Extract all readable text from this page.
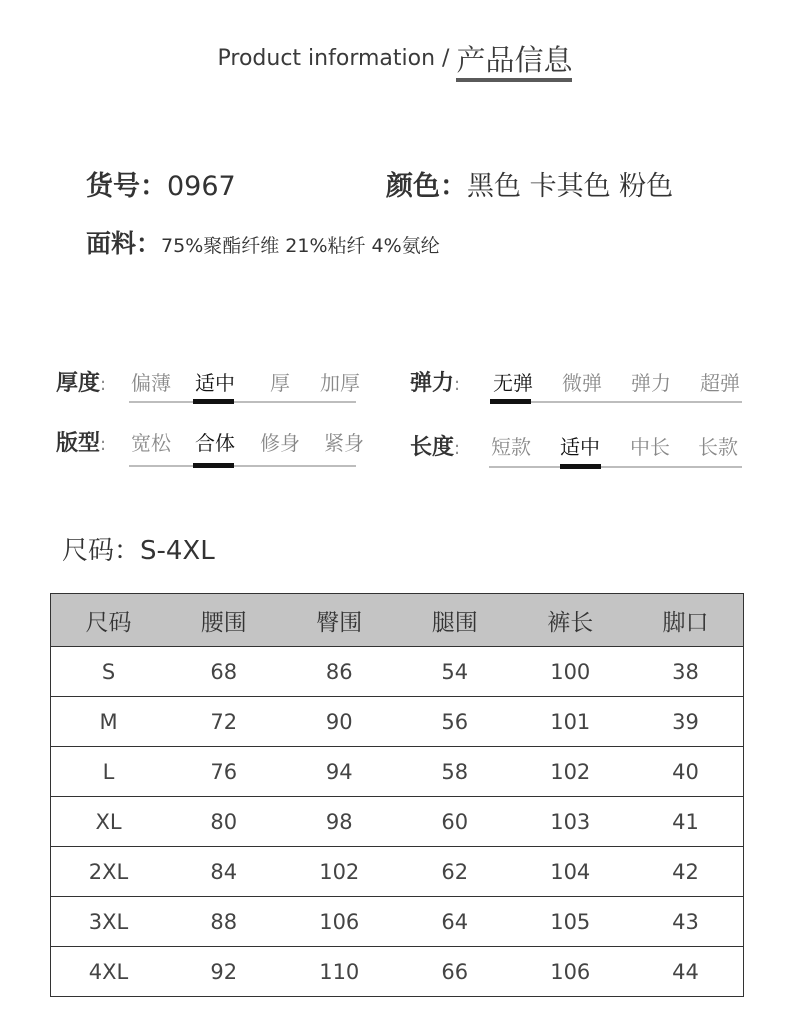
Product information / 产品信息
货号：0967	颜色：黑色 卡其色 粉色
面料：75%聚酯纤维 21%粘纤 4%氨纶
厚度: 偏薄 适中 厚 加厚 弹力: 无弹 微弹 弹力 超弹
版型: 宽松 合体 修身 紧身 长度: 短款 适中 中长 长款
尺码：S-4XL
尺码	腰围	臀围	腿围	裤长	脚口
S	68	86	54	100	38
M	72	90	56	101	39
L	76	94	58	102	40
XL	80	98	60	103	41
2XL	84	102	62	104	42
3XL	88	106	64	105	43
4XL	92	110	66	106	44
